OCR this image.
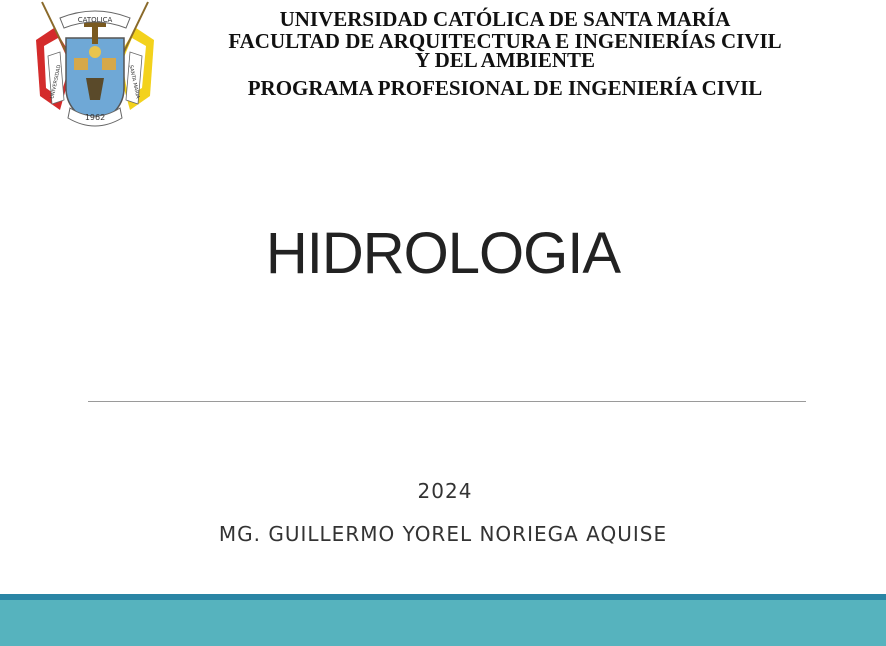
CATOLICA
UNIVERSIDAD	SANTA MARIA
1962
UNIVERSIDAD CATÓLICA DE SANTA MARÍA
FACULTAD DE ARQUITECTURA E INGENIERÍAS CIVIL
Y DEL AMBIENTE
PROGRAMA PROFESIONAL DE INGENIERÍA CIVIL
HIDROLOGIA
2024
MG. GUILLERMO YOREL NORIEGA AQUISE
